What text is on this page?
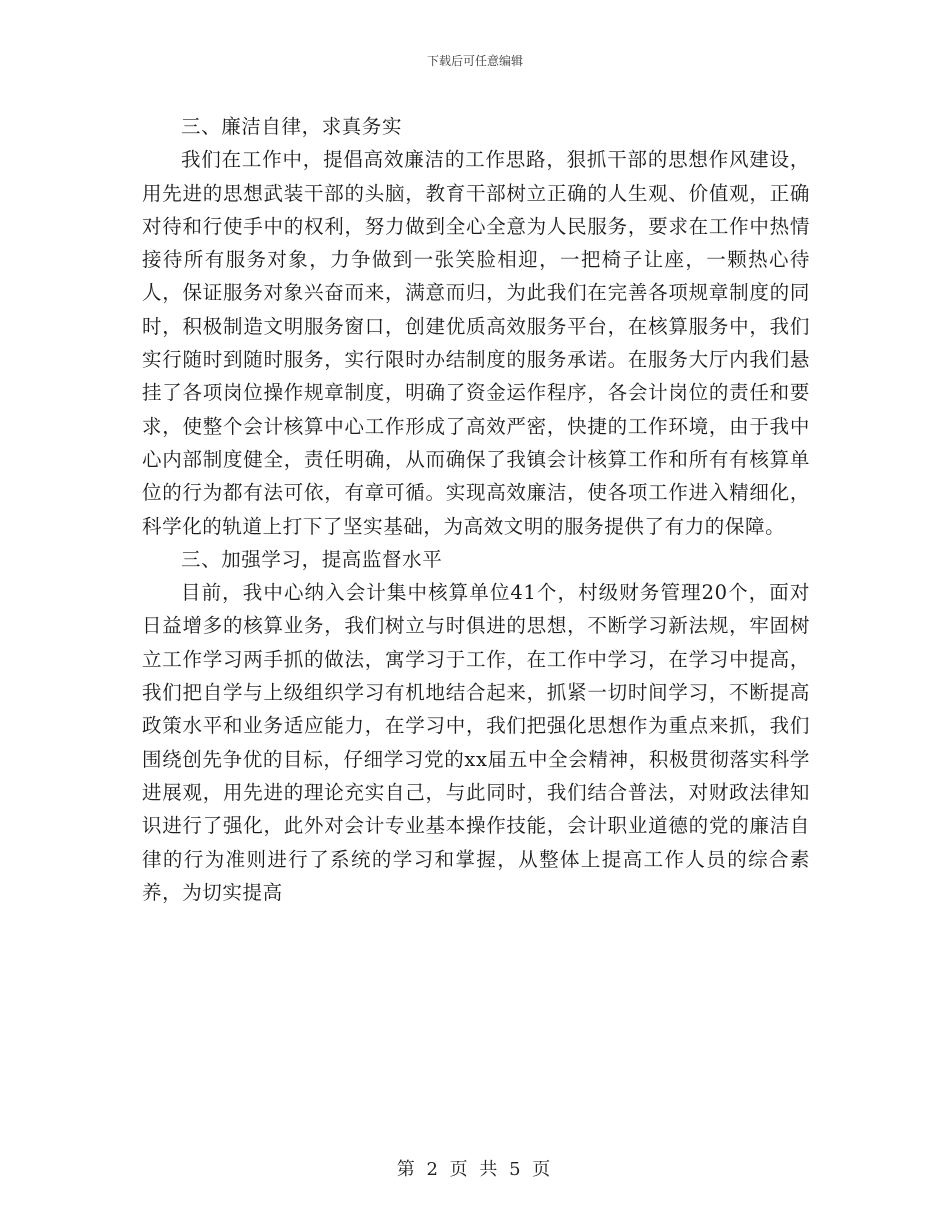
下载后可任意编辑

三、廉洁自律，求真务实

我们在工作中，提倡高效廉洁的工作思路，狠抓干部的思想作风建设，用先进的思想武装干部的头脑，教育干部树立正确的人生观、价值观，正确对待和行使手中的权利，努力做到全心全意为人民服务，要求在工作中热情接待所有服务对象，力争做到一张笑脸相迎，一把椅子让座，一颗热心待人，保证服务对象兴奋而来，满意而归，为此我们在完善各项规章制度的同时，积极制造文明服务窗口，创建优质高效服务平台，在核算服务中，我们实行随时到随时服务，实行限时办结制度的服务承诺。在服务大厅内我们悬挂了各项岗位操作规章制度，明确了资金运作程序，各会计岗位的责任和要求，使整个会计核算中心工作形成了高效严密，快捷的工作环境，由于我中心内部制度健全，责任明确，从而确保了我镇会计核算工作和所有有核算单位的行为都有法可依，有章可循。实现高效廉洁，使各项工作进入精细化，科学化的轨道上打下了坚实基础，为高效文明的服务提供了有力的保障。

三、加强学习，提高监督水平

目前，我中心纳入会计集中核算单位41个，村级财务管理20个，面对日益增多的核算业务，我们树立与时俱进的思想，不断学习新法规，牢固树立工作学习两手抓的做法，寓学习于工作，在工作中学习，在学习中提高，我们把自学与上级组织学习有机地结合起来，抓紧一切时间学习，不断提高政策水平和业务适应能力，在学习中，我们把强化思想作为重点来抓，我们围绕创先争优的目标，仔细学习党的xx届五中全会精神，积极贯彻落实科学进展观，用先进的理论充实自己，与此同时，我们结合普法，对财政法律知识进行了强化，此外对会计专业基本操作技能，会计职业道德的党的廉洁自律的行为准则进行了系统的学习和掌握，从整体上提高工作人员的综合素养，为切实提高

第 2 页 共 5 页
